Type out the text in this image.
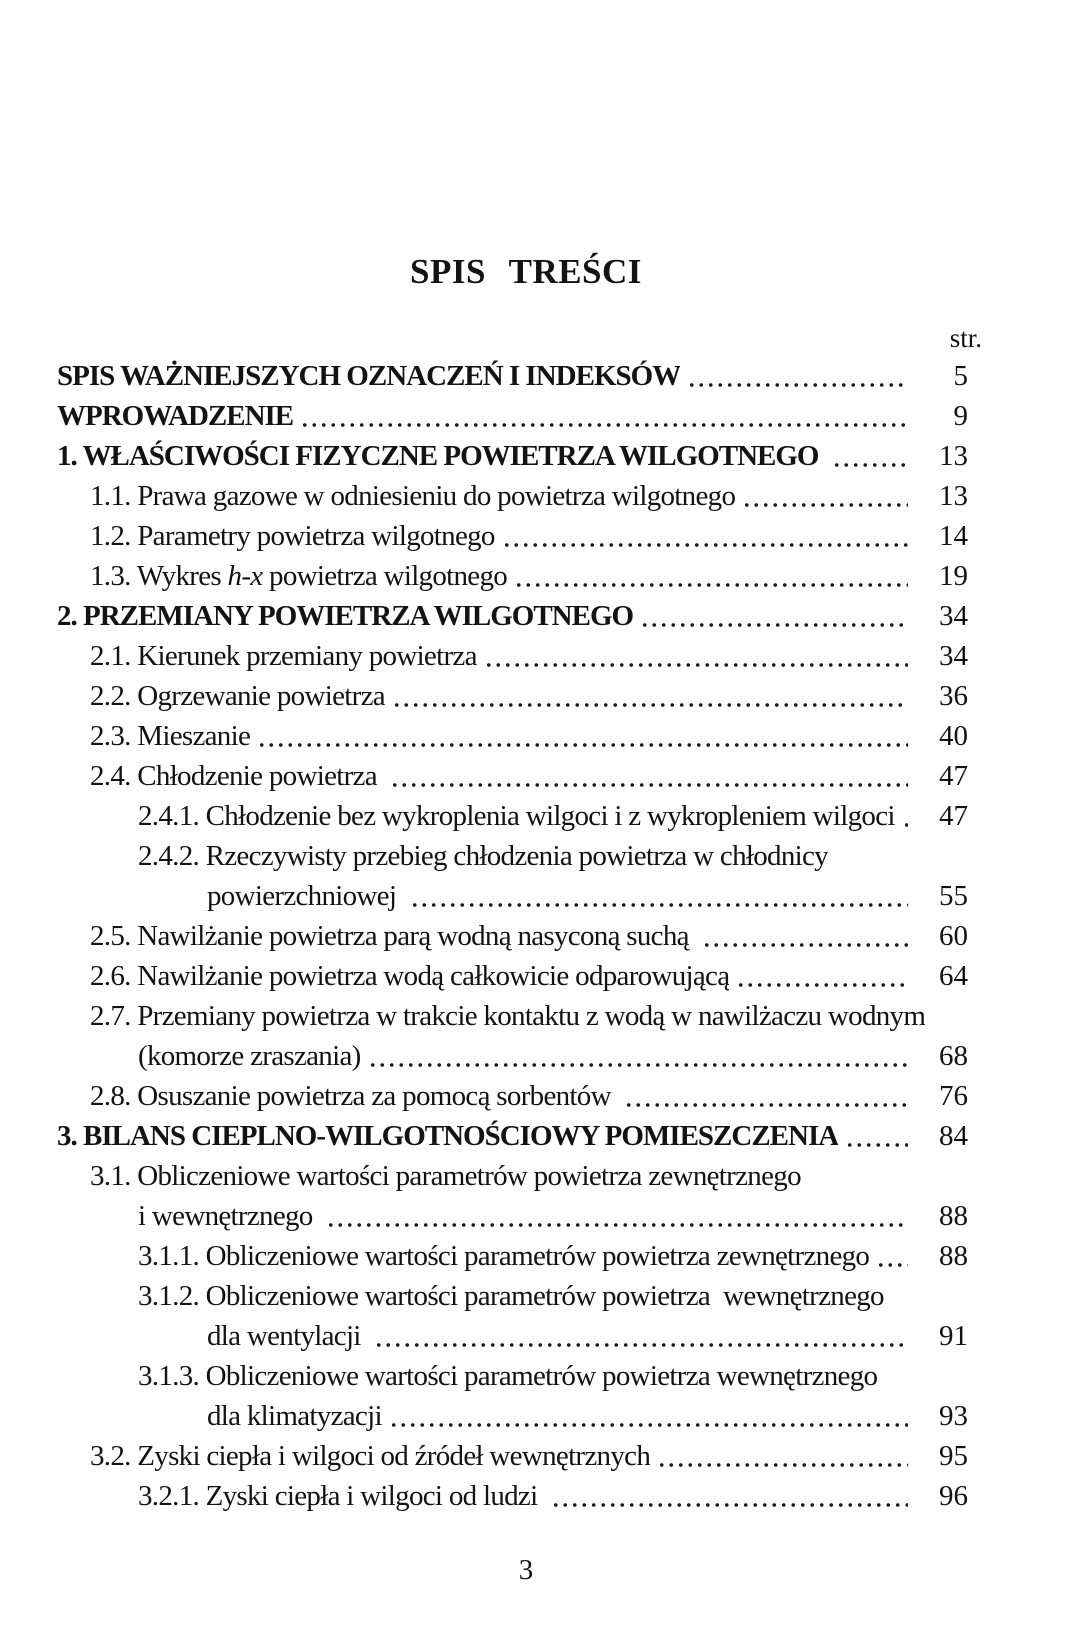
SPIS TREŚCI
str.
SPIS WAŻNIEJSZYCH OZNACZEŃ I INDEKSÓW	5
WPROWADZENIE	9
1. WŁAŚCIWOŚCI FIZYCZNE POWIETRZA WILGOTNEGO	13
1.1. Prawa gazowe w odniesieniu do powietrza wilgotnego	13
1.2. Parametry powietrza wilgotnego	14
1.3. Wykres h-x powietrza wilgotnego	19
2. PRZEMIANY POWIETRZA WILGOTNEGO	34
2.1. Kierunek przemiany powietrza	34
2.2. Ogrzewanie powietrza	36
2.3. Mieszanie	40
2.4. Chłodzenie powietrza	47
2.4.1. Chłodzenie bez wykroplenia wilgoci i z wykropleniem wilgoci	47
2.4.2. Rzeczywisty przebieg chłodzenia powietrza w chłodnicy
powierzchniowej	55
2.5. Nawilżanie powietrza parą wodną nasyconą suchą	60
2.6. Nawilżanie powietrza wodą całkowicie odparowującą	64
2.7. Przemiany powietrza w trakcie kontaktu z wodą w nawilżaczu wodnym
(komorze zraszania)	68
2.8. Osuszanie powietrza za pomocą sorbentów	76
3. BILANS CIEPLNO-WILGOTNOŚCIOWY POMIESZCZENIA	84
3.1. Obliczeniowe wartości parametrów powietrza zewnętrznego
i wewnętrznego	88
3.1.1. Obliczeniowe wartości parametrów powietrza zewnętrznego	88
3.1.2. Obliczeniowe wartości parametrów powietrza  wewnętrznego
dla wentylacji	91
3.1.3. Obliczeniowe wartości parametrów powietrza wewnętrznego
dla klimatyzacji	93
3.2. Zyski ciepła i wilgoci od źródeł wewnętrznych	95
3.2.1. Zyski ciepła i wilgoci od ludzi	96
3
